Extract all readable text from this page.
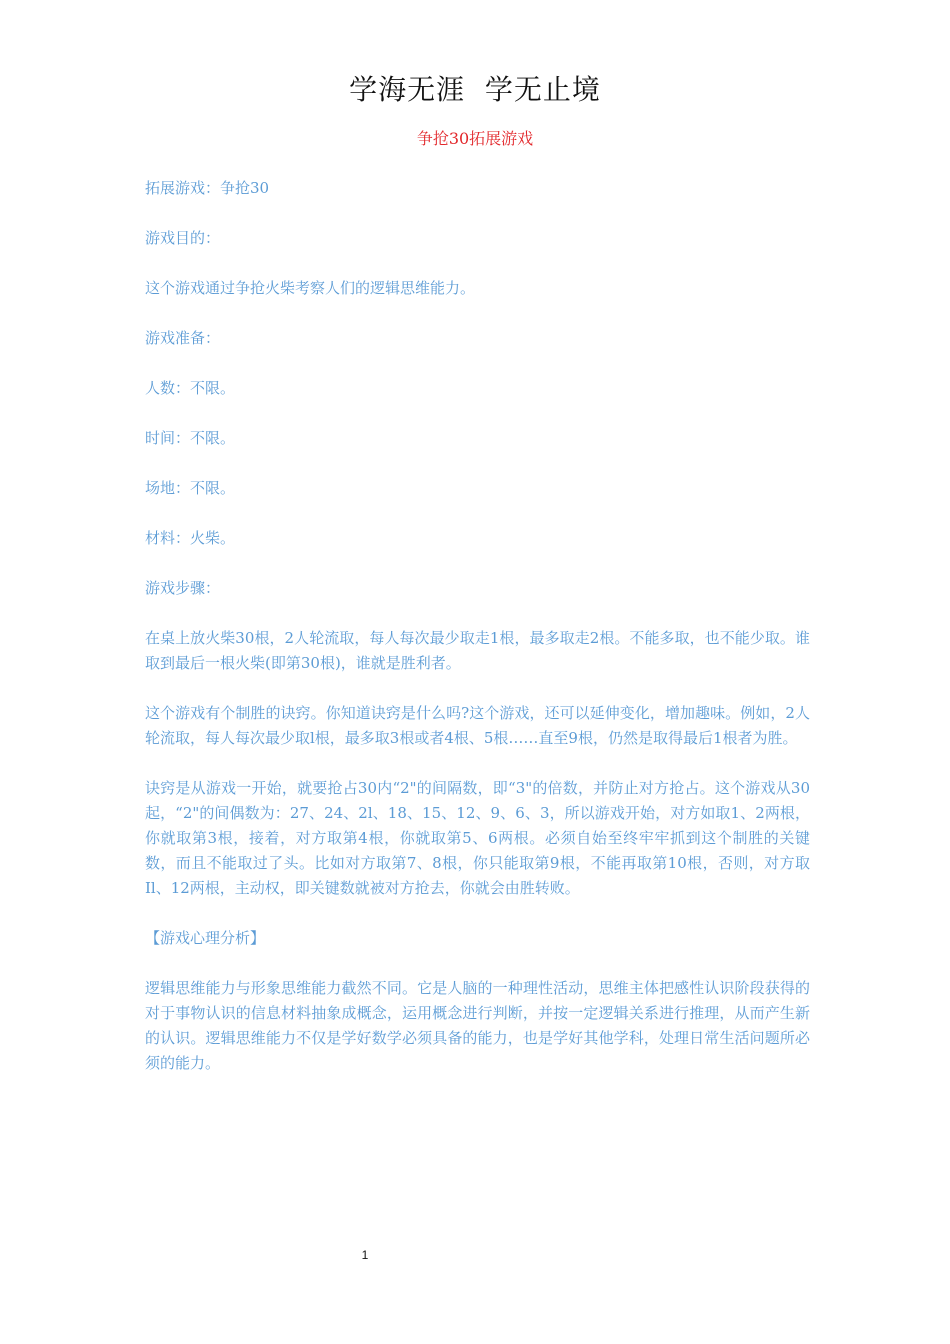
学海无涯  学无止境
争抢30拓展游戏

拓展游戏：争抢30

游戏目的：

这个游戏通过争抢火柴考察人们的逻辑思维能力。

游戏准备：

人数：不限。

时间：不限。

场地：不限。

材料：火柴。

游戏步骤：

在桌上放火柴30根，2人轮流取，每人每次最少取走1根，最多取走2根。不能多取，也不能少取。谁取到最后一根火柴(即第30根)，谁就是胜利者。

这个游戏有个制胜的诀窍。你知道诀窍是什么吗?这个游戏，还可以延伸变化，增加趣味。例如，2人轮流取，每人每次最少取l根，最多取3根或者4根、5根……直至9根，仍然是取得最后1根者为胜。

诀窍是从游戏一开始，就要抢占30内“2"的间隔数，即“3"的倍数，并防止对方抢占。这个游戏从30起，“2"的间偶数为：27、24、2l、18、15、12、9、6、3，所以游戏开始，对方如取1、2两根，你就取第3根，接着，对方取第4根，你就取第5、6两根。必须自始至终牢牢抓到这个制胜的关键数，而且不能取过了头。比如对方取第7、8根，你只能取第9根，不能再取第10根，否则，对方取Il、12两根，主动权，即关键数就被对方抢去，你就会由胜转败。

【游戏心理分析】

逻辑思维能力与形象思维能力截然不同。它是人脑的一种理性活动，思维主体把感性认识阶段获得的对于事物认识的信息材料抽象成概念，运用概念进行判断，并按一定逻辑关系进行推理，从而产生新的认识。逻辑思维能力不仅是学好数学必须具备的能力，也是学好其他学科，处理日常生活问题所必须的能力。

1
